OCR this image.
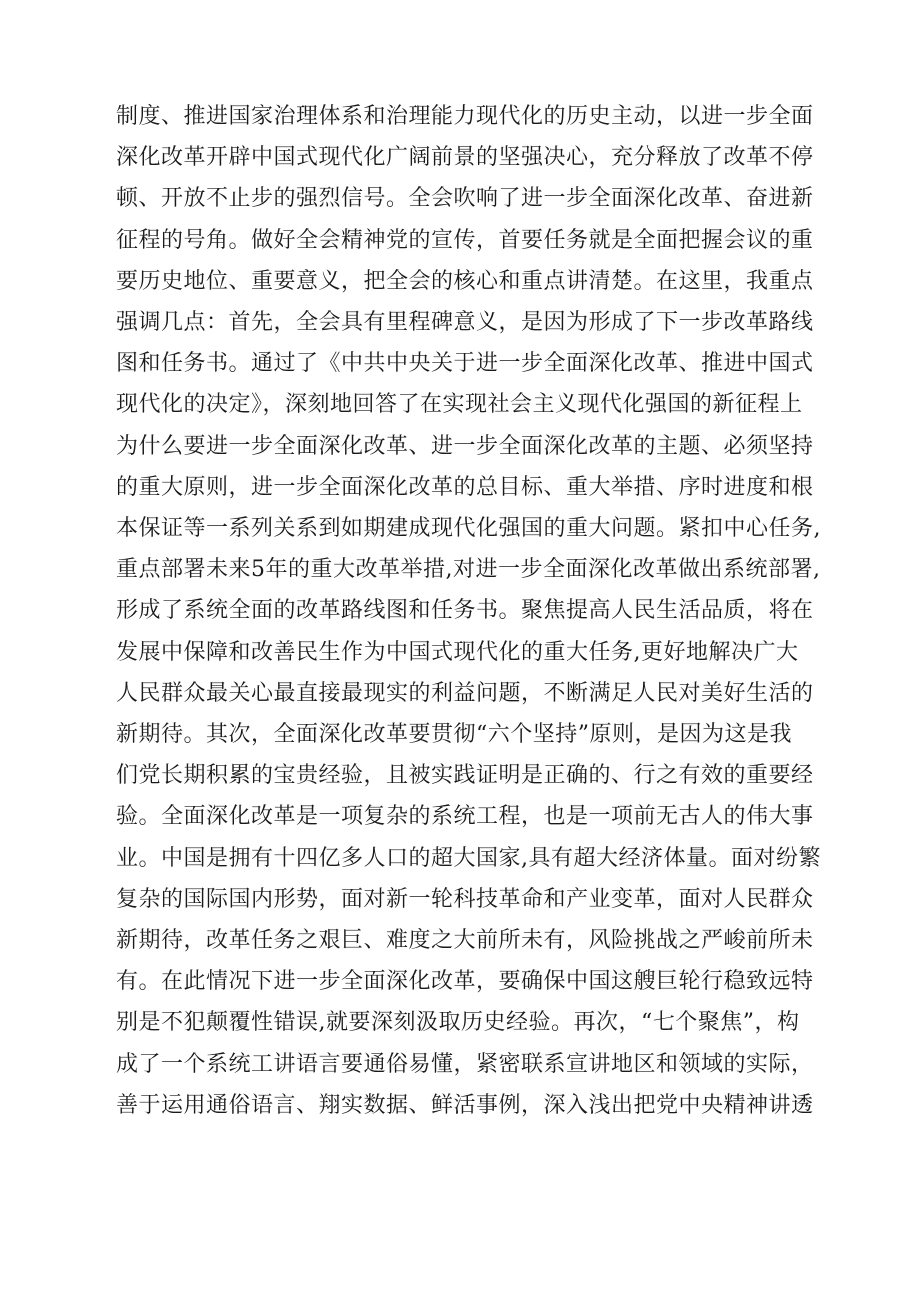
制度、推进国家治理体系和治理能力现代化的历史主动，以进一步全面
深化改革开辟中国式现代化广阔前景的坚强决心，充分释放了改革不停
顿、开放不止步的强烈信号。全会吹响了进一步全面深化改革、奋进新
征程的号角。做好全会精神党的宣传，首要任务就是全面把握会议的重
要历史地位、重要意义，把全会的核心和重点讲清楚。在这里，我重点
强调几点：首先，全会具有里程碑意义，是因为形成了下一步改革路线
图和任务书。通过了《中共中央关于进一步全面深化改革、推进中国式
现代化的决定》，深刻地回答了在实现社会主义现代化强国的新征程上
为什么要进一步全面深化改革、进一步全面深化改革的主题、必须坚持
的重大原则，进一步全面深化改革的总目标、重大举措、序时进度和根
本保证等一系列关系到如期建成现代化强国的重大问题。紧扣中心任务,
重点部署未来5年的重大改革举措,对进一步全面深化改革做出系统部署,
形成了系统全面的改革路线图和任务书。聚焦提高人民生活品质，将在
发展中保障和改善民生作为中国式现代化的重大任务,更好地解决广大
人民群众最关心最直接最现实的利益问题，不断满足人民对美好生活的
新期待。其次，全面深化改革要贯彻“六个坚持”原则，是因为这是我
们党长期积累的宝贵经验，且被实践证明是正确的、行之有效的重要经
验。全面深化改革是一项复杂的系统工程，也是一项前无古人的伟大事
业。中国是拥有十四亿多人口的超大国家,具有超大经济体量。面对纷繁
复杂的国际国内形势，面对新一轮科技革命和产业变革，面对人民群众
新期待，改革任务之艰巨、难度之大前所未有，风险挑战之严峻前所未
有。在此情况下进一步全面深化改革，要确保中国这艘巨轮行稳致远特
别是不犯颠覆性错误,就要深刻汲取历史经验。再次，“七个聚焦”，构
成了一个系统工讲语言要通俗易懂，紧密联系宣讲地区和领域的实际，
善于运用通俗语言、翔实数据、鲜活事例，深入浅出把党中央精神讲透
